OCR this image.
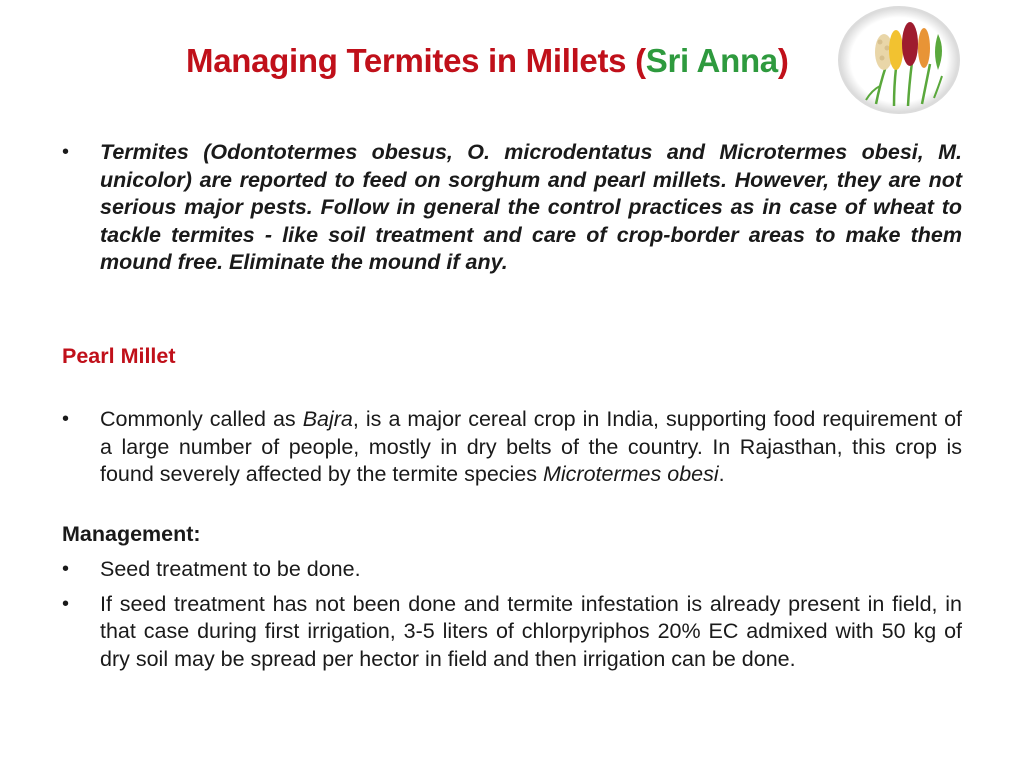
Managing Termites in Millets (Sri Anna)
•	Termites (Odontotermes obesus, O. microdentatus and Microtermes obesi, M. unicolor) are reported to feed on sorghum and pearl millets. However, they are not serious major pests. Follow in general the control practices as in case of wheat to tackle termites - like soil treatment and care of crop-border areas to make them mound free. Eliminate the mound if any.
Pearl Millet
•	Commonly called as Bajra, is a major cereal crop in India, supporting food requirement of a large number of people, mostly in dry belts of the country. In Rajasthan, this crop is found severely affected by the termite species Microtermes obesi.
Management:
•	Seed treatment to be done.
•	If seed treatment has not been done and termite infestation is already present in field, in that case during first irrigation, 3-5 liters of chlorpyriphos 20% EC admixed with 50 kg of dry soil may be spread per hector in field and then irrigation can be done.
